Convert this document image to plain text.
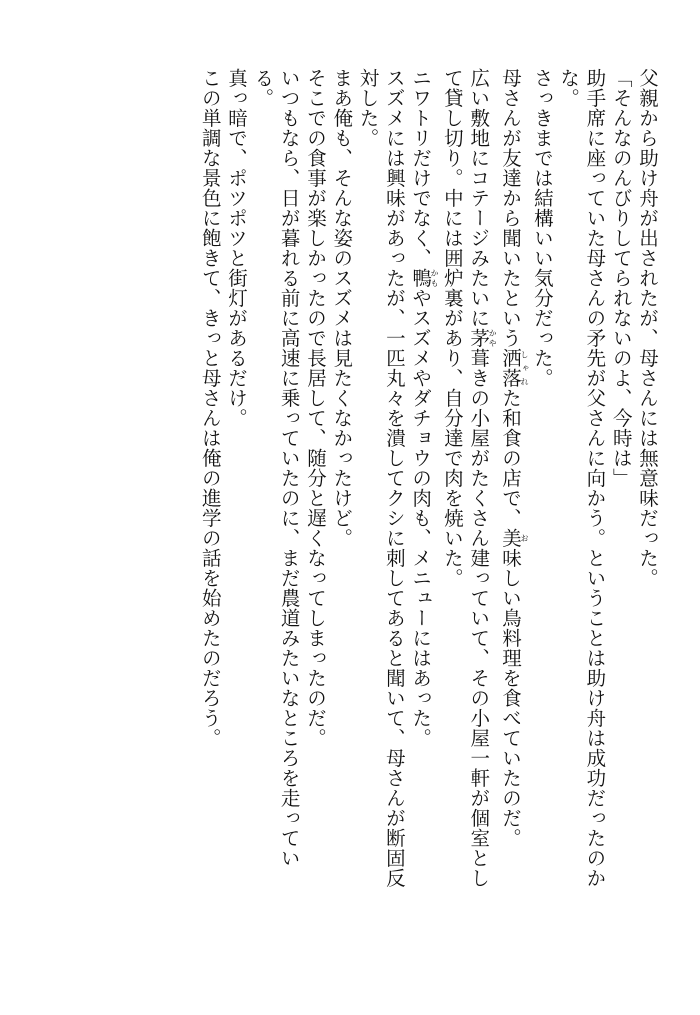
父親から助け舟が出されたが、母さんには無意味だった。
「そんなのんびりしてられないのよ、今時は」
助手席に座っていた母さんの矛先が父さんに向かう。ということは助け舟は成功だったのか
な。
さっきまでは結構いい気分だった。
母さんが友達から聞いたという洒落しゃれた和食の店で、美お味しい鳥料理を食べていたのだ。
広い敷地にコテージみたいに茅かや葺きの小屋がたくさん建っていて、その小屋一軒が個室とし
て貸し切り。中には囲炉裏があり、自分達で肉を焼いた。
ニワトリだけでなく、鴨かもやスズメやダチョウの肉も、メニューにはあった。
スズメには興味があったが、一匹丸々を潰してクシに刺してあると聞いて、母さんが断固反
対した。
まあ俺も、そんな姿のスズメは見たくなかったけど。
そこでの食事が楽しかったので長居して、随分と遅くなってしまったのだ。
いつもなら、日が暮れる前に高速に乗っていたのに、まだ農道みたいなところを走ってい
る。
真っ暗で、ポツポツと街灯があるだけ。
この単調な景色に飽きて、きっと母さんは俺の進学の話を始めたのだろう。
